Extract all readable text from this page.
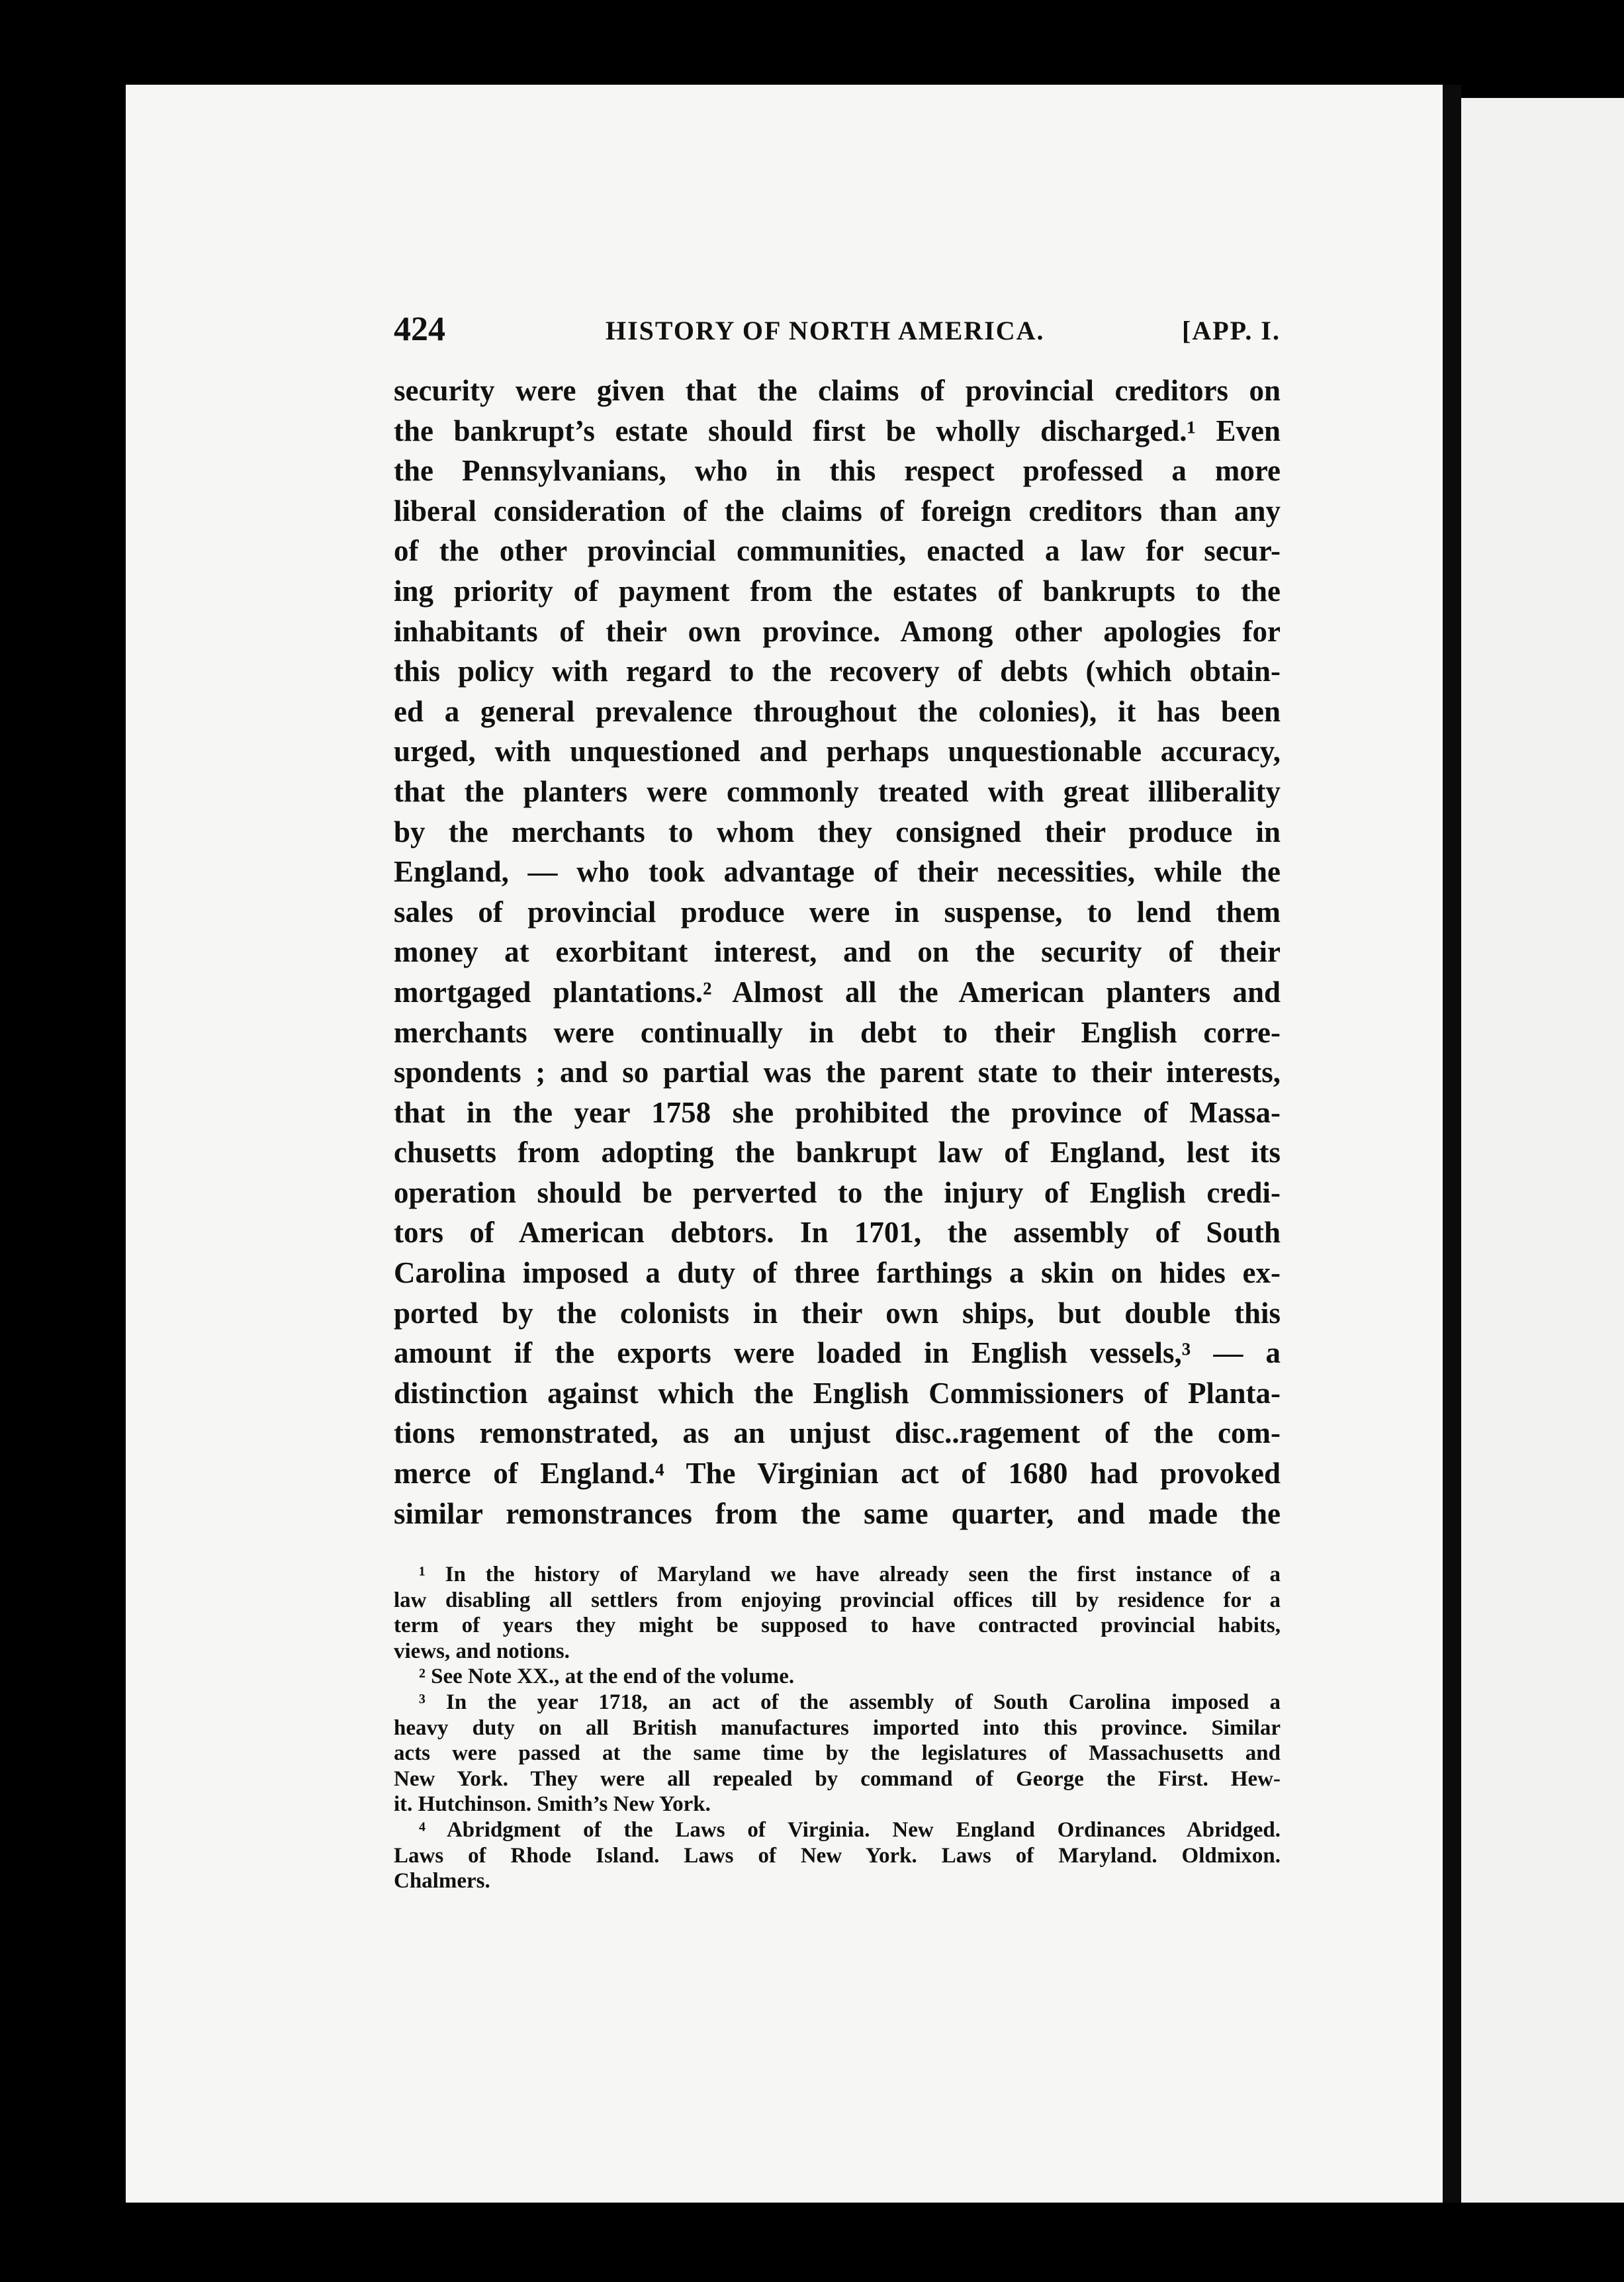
424	HISTORY OF NORTH AMERICA.	[APP. I.
security were given that the claims of provincial creditors on
the bankrupt’s estate should first be wholly discharged.¹ Even
the Pennsylvanians, who in this respect professed a more
liberal consideration of the claims of foreign creditors than any
of the other provincial communities, enacted a law for secur-
ing priority of payment from the estates of bankrupts to the
inhabitants of their own province. Among other apologies for
this policy with regard to the recovery of debts (which obtain-
ed a general prevalence throughout the colonies), it has been
urged, with unquestioned and perhaps unquestionable accuracy,
that the planters were commonly treated with great illiberality
by the merchants to whom they consigned their produce in
England, — who took advantage of their necessities, while the
sales of provincial produce were in suspense, to lend them
money at exorbitant interest, and on the security of their
mortgaged plantations.² Almost all the American planters and
merchants were continually in debt to their English corre-
spondents ; and so partial was the parent state to their interests,
that in the year 1758 she prohibited the province of Massa-
chusetts from adopting the bankrupt law of England, lest its
operation should be perverted to the injury of English credi-
tors of American debtors. In 1701, the assembly of South
Carolina imposed a duty of three farthings a skin on hides ex-
ported by the colonists in their own ships, but double this
amount if the exports were loaded in English vessels,³ — a
distinction against which the English Commissioners of Planta-
tions remonstrated, as an unjust disc..ragement of the com-
merce of England.⁴ The Virginian act of 1680 had provoked
similar remonstrances from the same quarter, and made the
¹ In the history of Maryland we have already seen the first instance of a
law disabling all settlers from enjoying provincial offices till by residence for a
term of years they might be supposed to have contracted provincial habits,
views, and notions.
² See Note XX., at the end of the volume.
³ In the year 1718, an act of the assembly of South Carolina imposed a
heavy duty on all British manufactures imported into this province. Similar
acts were passed at the same time by the legislatures of Massachusetts and
New York. They were all repealed by command of George the First. Hew-
it. Hutchinson. Smith’s New York.
⁴ Abridgment of the Laws of Virginia. New England Ordinances Abridged.
Laws of Rhode Island. Laws of New York. Laws of Maryland. Oldmixon.
Chalmers.
